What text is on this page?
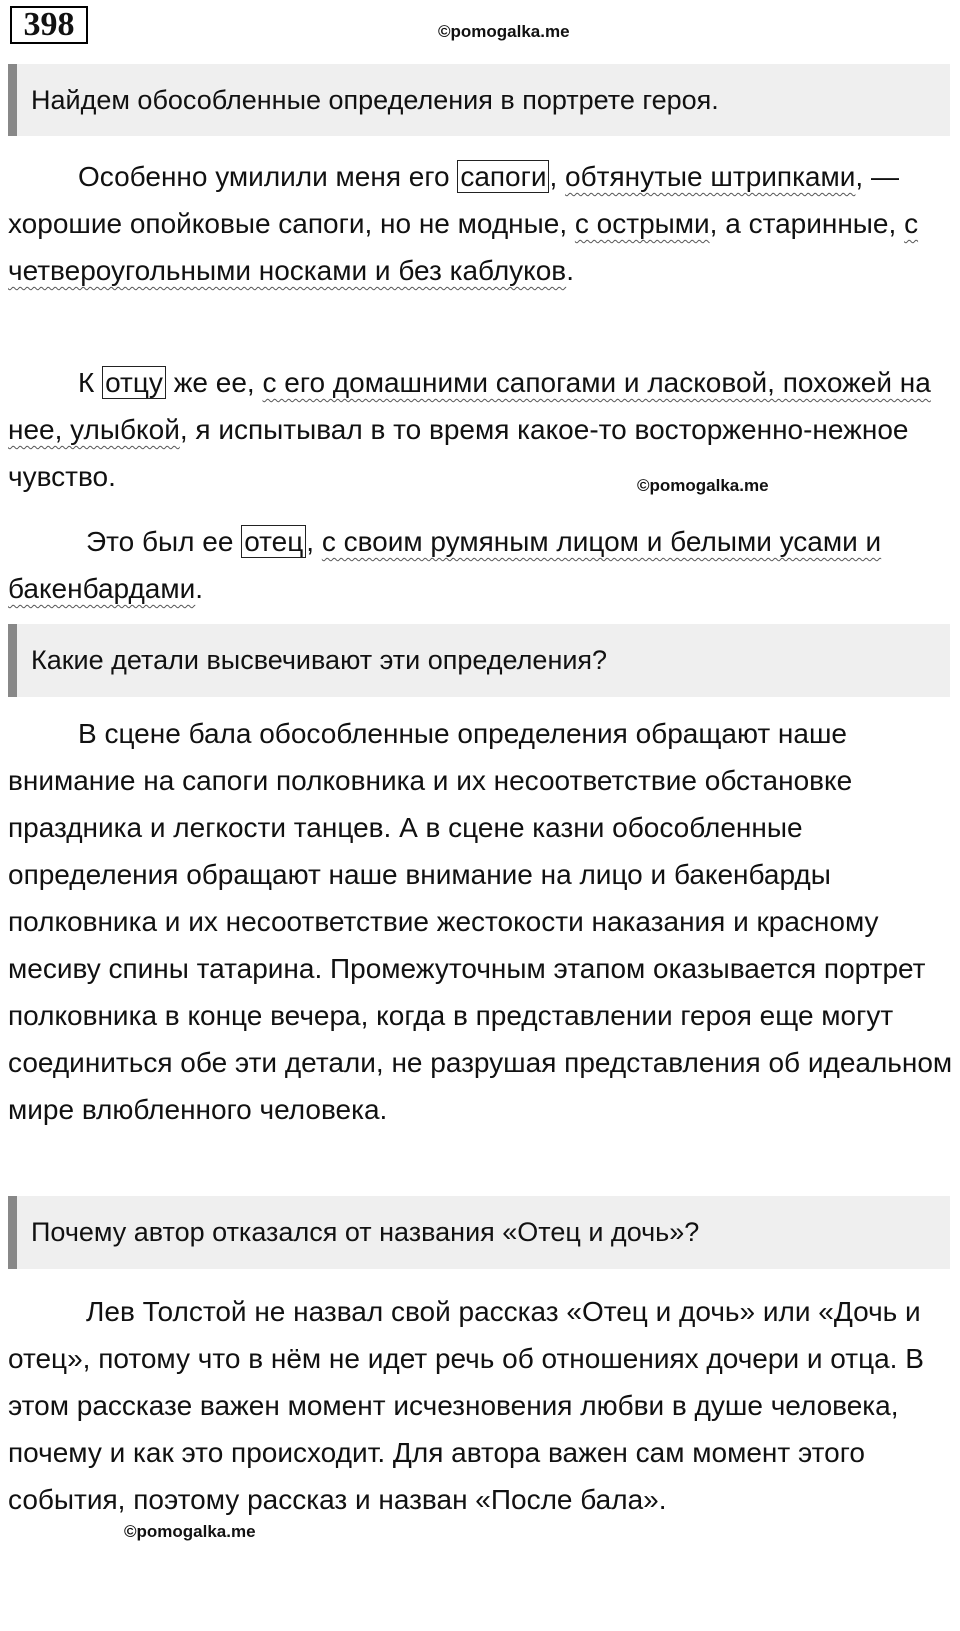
398	©pomogalka.me
Найдем обособленные определения в портрете героя.

Особенно умилили меня его сапоги , обтянутые штрипками, — хорошие опойковые сапоги, но не модные, с острыми, а старинные, с четвероугольными носками и без каблуков.

К отцу же ее, с его домашними сапогами и ласковой, похожей на нее, улыбкой, я испытывал в то время какое-то восторженно-нежное чувство.	©pomogalka.me

Это был ее отец , с своим румяным лицом и белыми усами и бакенбардами.

Какие детали высвечивают эти определения?

В сцене бала обособленные определения обращают наше внимание на сапоги полковника и их несоответствие обстановке праздника и легкости танцев. А в сцене казни обособленные определения обращают наше внимание на лицо и бакенбарды полковника и их несоответствие жестокости наказания и красному месиву спины татарина. Промежуточным этапом оказывается портрет полковника в конце вечера, когда в представлении героя еще могут соединиться обе эти детали, не разрушая представления об идеальном мире влюбленного человека.

Почему автор отказался от названия «Отец и дочь»?

Лев Толстой не назвал свой рассказ «Отец и дочь» или «Дочь и отец», потому что в нём не идет речь об отношениях дочери и отца. В этом рассказе важен момент исчезновения любви в душе человека, почему и как это происходит. Для автора важен сам момент этого события, поэтому рассказ и назван «После бала».

©pomogalka.me
